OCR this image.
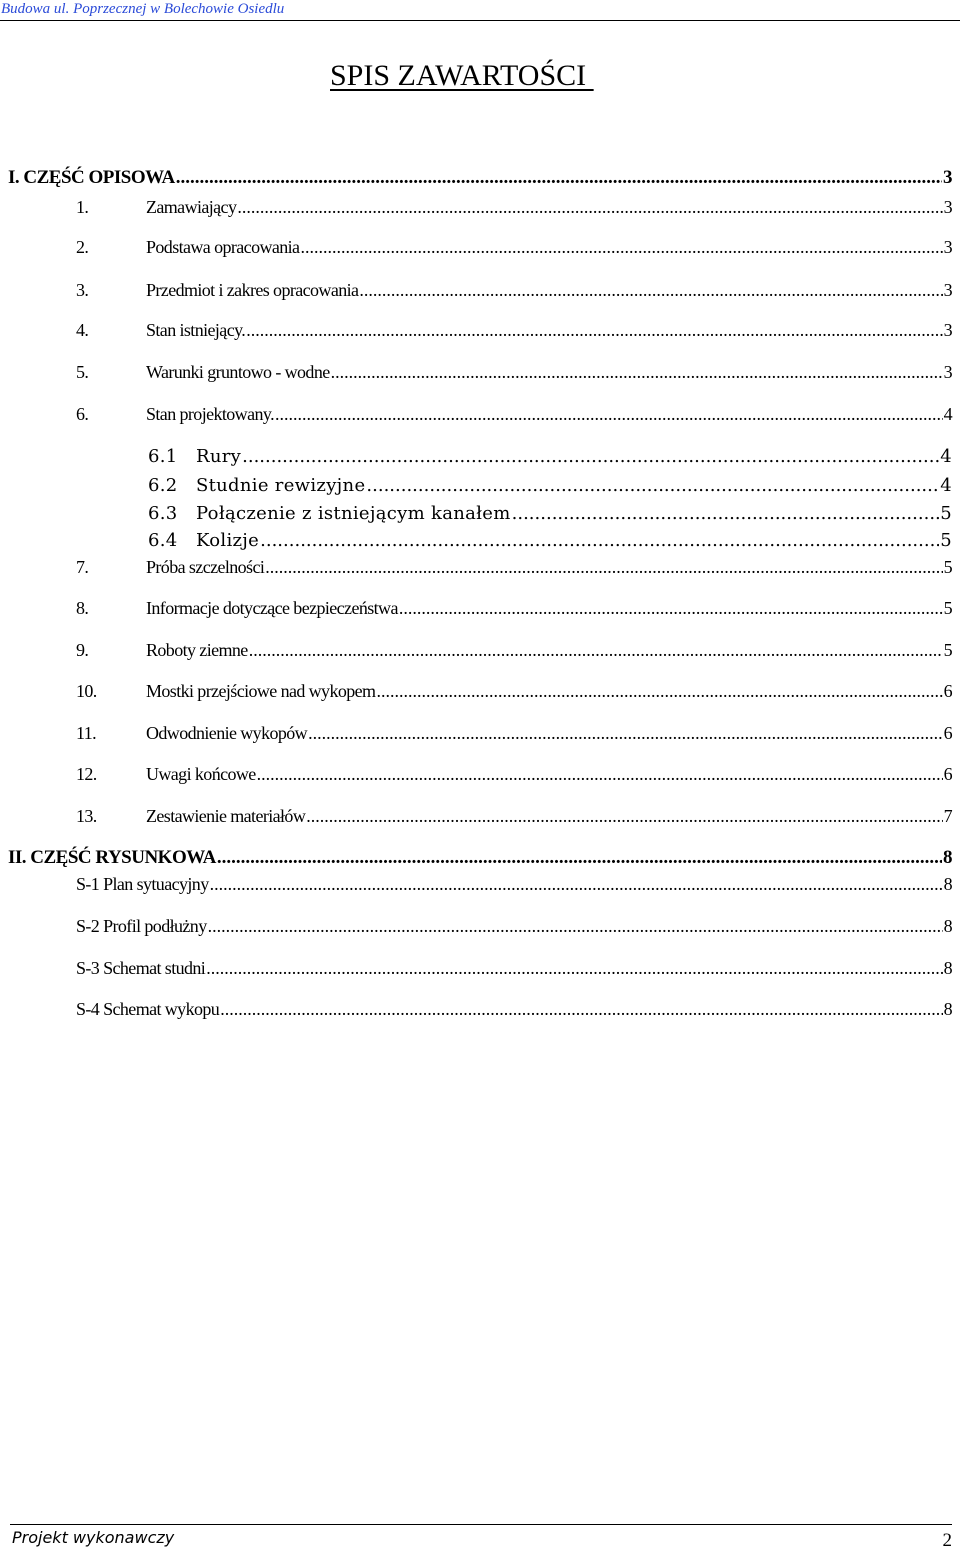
Budowa ul. Poprzecznej w Bolechowie Osiedlu
SPIS ZAWARTOŚCI
I. CZĘŚĆ OPISOWA .....	3
1.	Zamawiający .....	3
2.	Podstawa opracowania .....	3
3.	Przedmiot i zakres opracowania .....	3
4.	Stan istniejący. .....	3
5.	Warunki gruntowo - wodne .....	3
6.	Stan projektowany. .....	4
6.1	Rury .....	4
6.2	Studnie rewizyjne .....	4
6.3	Połączenie z istniejącym kanałem .....	5
6.4	Kolizje .....	5
7.	Próba szczelności .....	5
8.	Informacje dotyczące bezpieczeństwa .....	5
9.	Roboty ziemne .....	5
10.	Mostki przejściowe nad wykopem .....	6
11.	Odwodnienie wykopów .....	6
12.	Uwagi końcowe .....	6
13.	Zestawienie materiałów .....	7
II. CZĘŚĆ RYSUNKOWA .....	8
S-1 Plan sytuacyjny .....	8
S-2 Profil podłużny .....	8
S-3 Schemat studni .....	8
S-4 Schemat wykopu .....	8
Projekt wykonawczy	2
